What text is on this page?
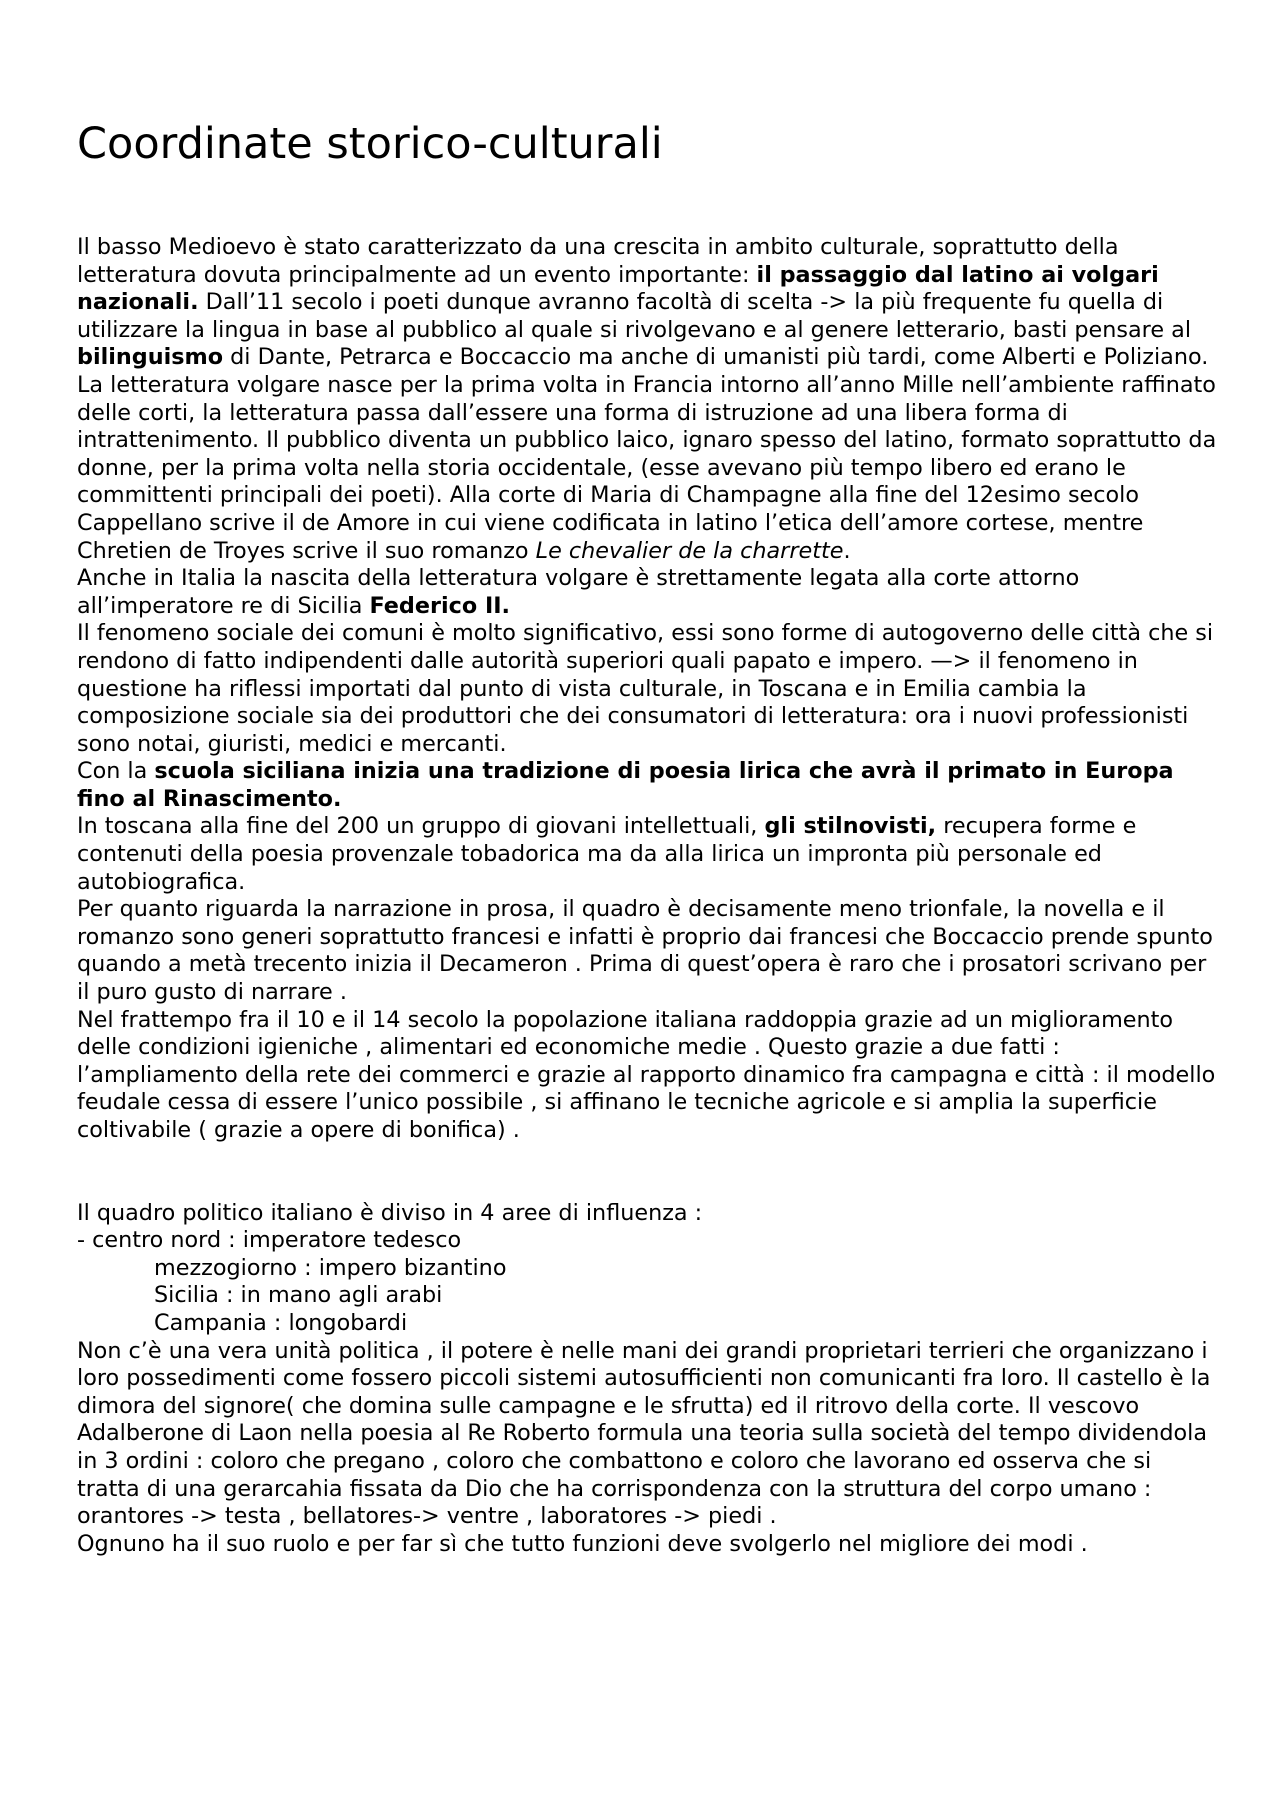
Coordinate storico-culturali

Il basso Medioevo è stato caratterizzato da una crescita in ambito culturale, soprattutto della letteratura dovuta principalmente ad un evento importante: il passaggio dal latino ai volgari nazionali. Dall’11 secolo i poeti dunque avranno facoltà di scelta -> la più frequente fu quella di utilizzare la lingua in base al pubblico al quale si rivolgevano e al genere letterario, basti pensare al bilinguismo di Dante, Petrarca e Boccaccio ma anche di umanisti più tardi, come Alberti e Poliziano.

La letteratura volgare nasce per la prima volta in Francia intorno all’anno Mille nell’ambiente raffinato delle corti, la letteratura passa dall’essere una forma di istruzione ad una libera forma di intrattenimento. Il pubblico diventa un pubblico laico, ignaro spesso del latino, formato soprattutto da donne, per la prima volta nella storia occidentale, (esse avevano più tempo libero ed erano le committenti principali dei poeti). Alla corte di Maria di Champagne alla fine del 12esimo secolo Cappellano scrive il de Amore in cui viene codificata in latino l’etica dell’amore cortese, mentre Chretien de Troyes scrive il suo romanzo Le chevalier de la charrette.

Anche in Italia la nascita della letteratura volgare è strettamente legata alla corte attorno all’imperatore re di Sicilia Federico II.

Il fenomeno sociale dei comuni è molto significativo, essi sono forme di autogoverno delle città che si rendono di fatto indipendenti dalle autorità superiori quali papato e impero. —> il fenomeno in questione ha riflessi importati dal punto di vista culturale, in Toscana e in Emilia cambia la composizione sociale sia dei produttori che dei consumatori di letteratura: ora i nuovi professionisti sono notai, giuristi, medici e mercanti.

Con la scuola siciliana inizia una tradizione di poesia lirica che avrà il primato in Europa fino al Rinascimento.

In toscana alla fine del 200 un gruppo di giovani intellettuali, gli stilnovisti, recupera forme e contenuti della poesia provenzale tobadorica ma da alla lirica un impronta più personale ed autobiografica.

Per quanto riguarda la narrazione in prosa, il quadro è decisamente meno trionfale, la novella e il romanzo sono generi soprattutto francesi e infatti è proprio dai francesi che Boccaccio prende spunto quando a metà trecento inizia il Decameron . Prima di quest’opera è raro che i prosatori scrivano per il puro gusto di narrare .

Nel frattempo fra il 10 e il 14 secolo la popolazione italiana raddoppia grazie ad un miglioramento delle condizioni igieniche , alimentari ed economiche medie . Questo grazie a due fatti : l’ampliamento della rete dei commerci e grazie al rapporto dinamico fra campagna e città : il modello feudale cessa di essere l’unico possibile , si affinano le tecniche agricole e si amplia la superficie coltivabile ( grazie a opere di bonifica) .

Il quadro politico italiano è diviso in 4 aree di influenza :

- centro nord : imperatore tedesco

mezzogiorno : impero bizantino

Sicilia : in mano agli arabi

Campania : longobardi

Non c’è una vera unità politica , il potere è nelle mani dei grandi proprietari terrieri che organizzano i loro possedimenti come fossero piccoli sistemi autosufficienti non comunicanti fra loro. Il castello è la dimora del signore( che domina sulle campagne e le sfrutta) ed il ritrovo della corte. Il vescovo Adalberone di Laon nella poesia al Re Roberto formula una teoria sulla società del tempo dividendola in 3 ordini : coloro che pregano , coloro che combattono e coloro che lavorano ed osserva che si tratta di una gerarcahia fissata da Dio che ha corrispondenza con la struttura del corpo umano : orantores -> testa , bellatores-> ventre , laboratores -> piedi .

Ognuno ha il suo ruolo e per far sì che tutto funzioni deve svolgerlo nel migliore dei modi .
